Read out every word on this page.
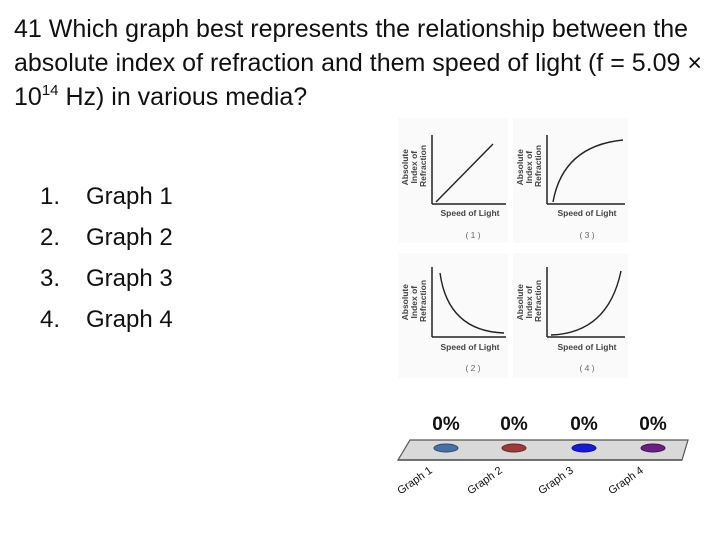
41 Which graph best represents the relationship between the absolute index of refraction and them speed of light ($f = 5.09 \times 10^{14}$ Hz) in various media?
1.	Graph 1
2.	Graph 2
3.	Graph 3
4.	Graph 4
Absolute Index of Refraction
Speed of Light
( 1 )
Absolute Index of Refraction
Speed of Light
( 3 )
Absolute Index of Refraction
Speed of Light
( 2 )
Absolute Index of Refraction
Speed of Light
( 4 )
0% 0% 0% 0%
Graph 1	Graph 2	Graph 3	Graph 4
